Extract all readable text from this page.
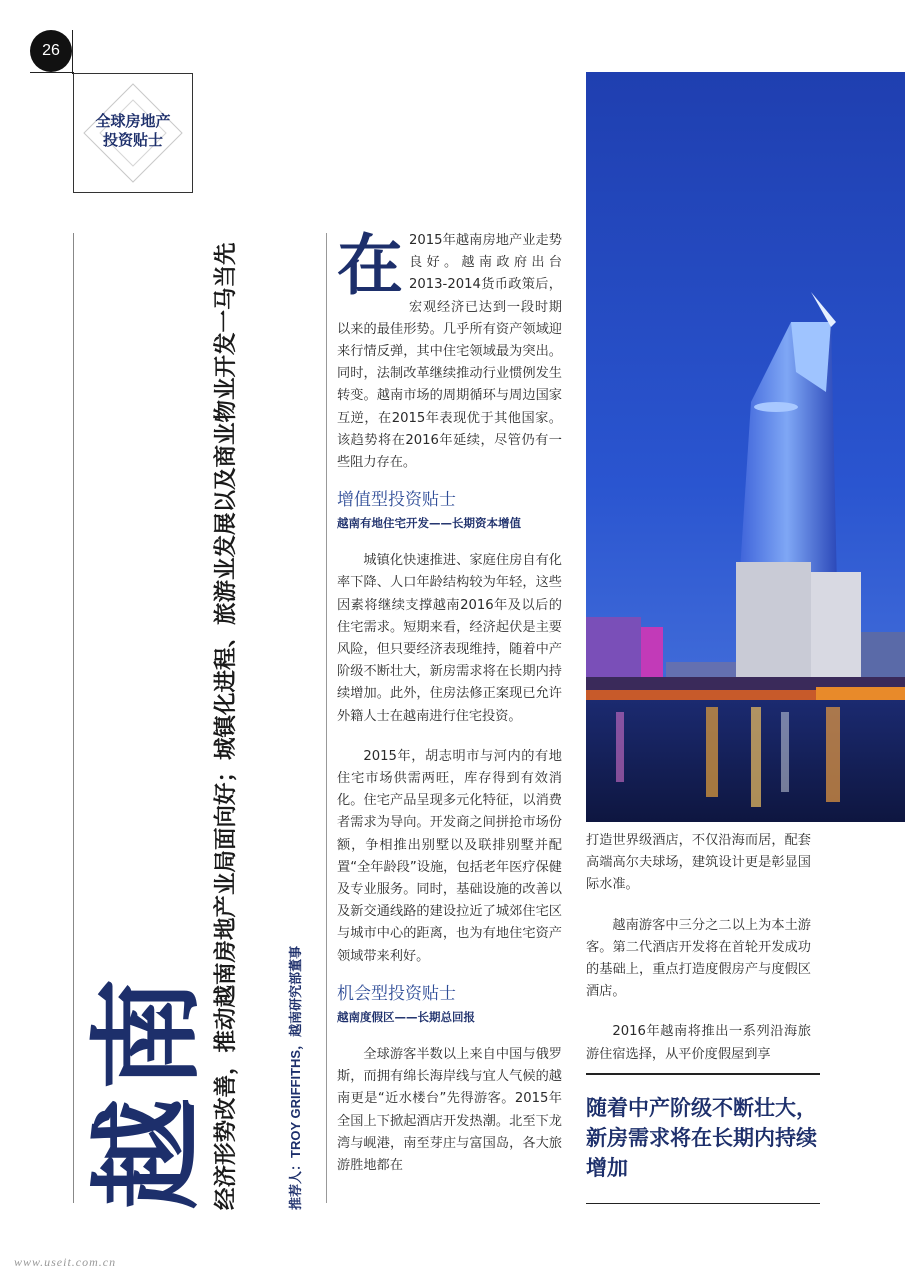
26
全球房地产
投资贴士
越南 经济形势改善，推动越南房地产业局面向好；城镇化进程、旅游业发展以及商业物业开发一马当先	推荐人：TROY GRIFFITHS，越南研究部董事
在 2015年越南房地产业走势良好。越南政府出台2013-2014货币政策后，宏观经济已达到一段时期以来的最佳形势。几乎所有资产领域迎来行情反弹，其中住宅领域最为突出。同时，法制改革继续推动行业惯例发生转变。越南市场的周期循环与周边国家互逆，在2015年表现优于其他国家。该趋势将在2016年延续，尽管仍有一些阻力存在。

增值型投资贴士
越南有地住宅开发——长期资本增值

城镇化快速推进、家庭住房自有化率下降、人口年龄结构较为年轻，这些因素将继续支撑越南2016年及以后的住宅需求。短期来看，经济起伏是主要风险，但只要经济表现维持，随着中产阶级不断壮大，新房需求将在长期内持续增加。此外，住房法修正案现已允许外籍人士在越南进行住宅投资。

2015年，胡志明市与河内的有地住宅市场供需两旺，库存得到有效消化。住宅产品呈现多元化特征，以消费者需求为导向。开发商之间拼抢市场份额，争相推出别墅以及联排别墅并配置“全年龄段”设施，包括老年医疗保健及专业服务。同时，基础设施的改善以及新交通线路的建设拉近了城郊住宅区与城市中心的距离，也为有地住宅资产领域带来利好。

机会型投资贴士
越南度假区——长期总回报

全球游客半数以上来自中国与俄罗斯，而拥有绵长海岸线与宜人气候的越南更是“近水楼台”先得游客。2015年全国上下掀起酒店开发热潮。北至下龙湾与岘港，南至芽庄与富国岛，各大旅游胜地都在

打造世界级酒店，不仅沿海而居，配套高端高尔夫球场，建筑设计更是彰显国际水准。

越南游客中三分之二以上为本土游客。第二代酒店开发将在首轮开发成功的基础上，重点打造度假房产与度假区酒店。

2016年越南将推出一系列沿海旅游住宿选择，从平价度假屋到享

随着中产阶级不断壮大，新房需求将在长期内持续增加
www.useit.com.cn
